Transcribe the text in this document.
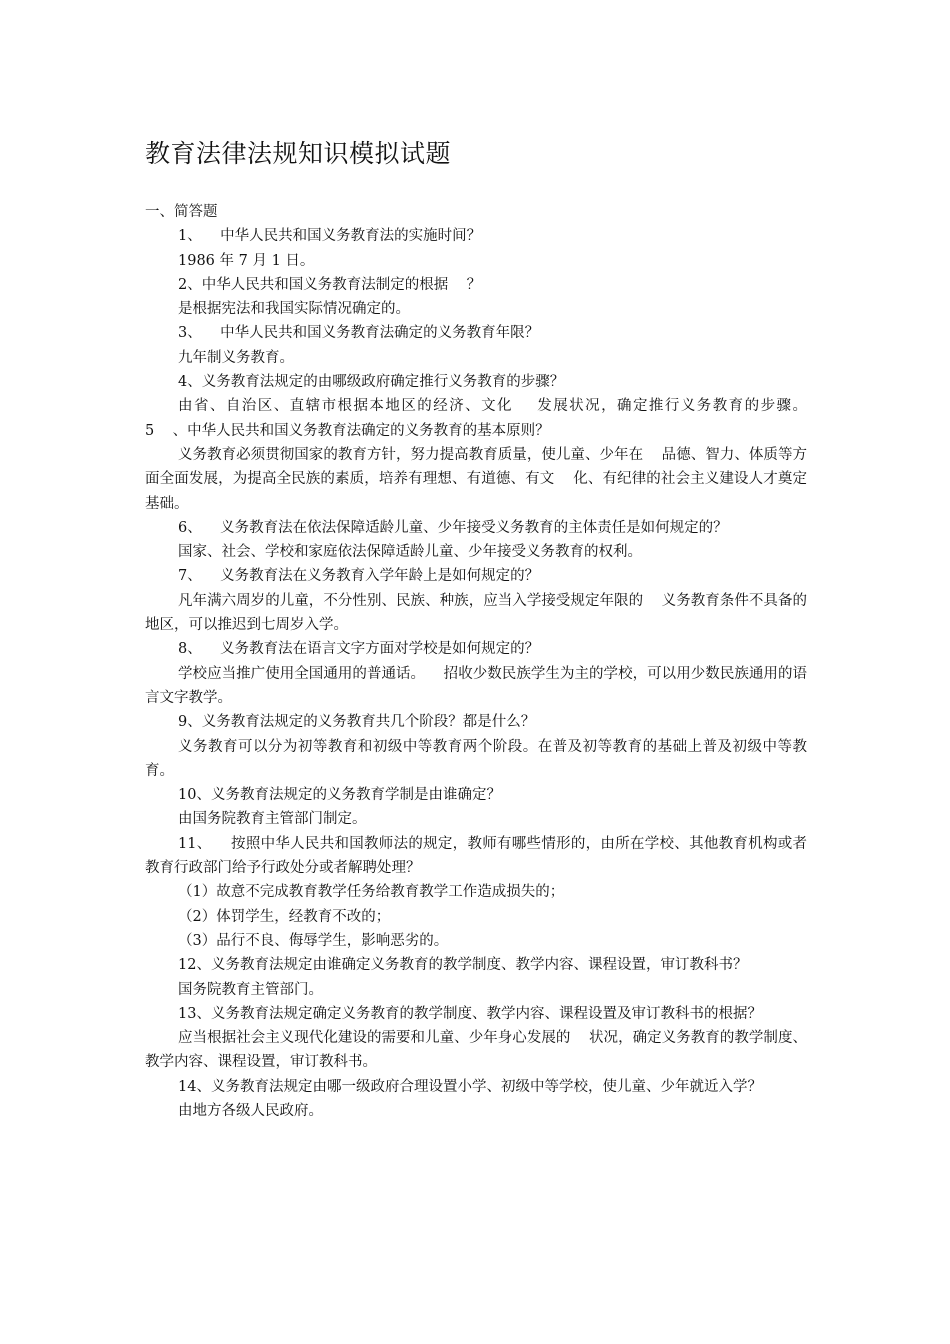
教育法律法规知识模拟试题

一、简答题

1、    中华人民共和国义务教育法的实施时间？

1986 年 7 月 1 日。

2、中华人民共和国义务教育法制定的根据    ？

是根据宪法和我国实际情况确定的。

3、    中华人民共和国义务教育法确定的义务教育年限？

九年制义务教育。

4、义务教育法规定的由哪级政府确定推行义务教育的步骤？

由省、自治区、直辖市根据本地区的经济、文化    发展状况，确定推行义务教育的步骤。              5    、中华人民共和国义务教育法确定的义务教育的基本原则？

义务教育必须贯彻国家的教育方针，努力提高教育质量，使儿童、少年在    品德、智力、体质等方面全面发展，为提高全民族的素质，培养有理想、有道德、有文    化、有纪律的社会主义建设人才奠定基础。

6、    义务教育法在依法保障适龄儿童、少年接受义务教育的主体责任是如何规定的？

国家、社会、学校和家庭依法保障适龄儿童、少年接受义务教育的权利。

7、    义务教育法在义务教育入学年龄上是如何规定的？

凡年满六周岁的儿童，不分性别、民族、种族，应当入学接受规定年限的    义务教育条件不具备的地区，可以推迟到七周岁入学。

8、    义务教育法在语言文字方面对学校是如何规定的？

学校应当推广使用全国通用的普通话。    招收少数民族学生为主的学校，可以用少数民族通用的语言文字教学。

9、义务教育法规定的义务教育共几个阶段？都是什么？

义务教育可以分为初等教育和初级中等教育两个阶段。在普及初等教育的基础上普及初级中等教育。

10、义务教育法规定的义务教育学制是由谁确定？

由国务院教育主管部门制定。

11、    按照中华人民共和国教师法的规定，教师有哪些情形的，由所在学校、其他教育机构或者教育行政部门给予行政处分或者解聘处理？

（1）故意不完成教育教学任务给教育教学工作造成损失的；

（2）体罚学生，经教育不改的；

（3）品行不良、侮辱学生，影响恶劣的。

12、义务教育法规定由谁确定义务教育的教学制度、教学内容、课程设置，审订教科书？

国务院教育主管部门。

13、义务教育法规定确定义务教育的教学制度、教学内容、课程设置及审订教科书的根据？

应当根据社会主义现代化建设的需要和儿童、少年身心发展的    状况，确定义务教育的教学制度、教学内容、课程设置，审订教科书。

14、义务教育法规定由哪一级政府合理设置小学、初级中等学校，使儿童、少年就近入学？

由地方各级人民政府。
